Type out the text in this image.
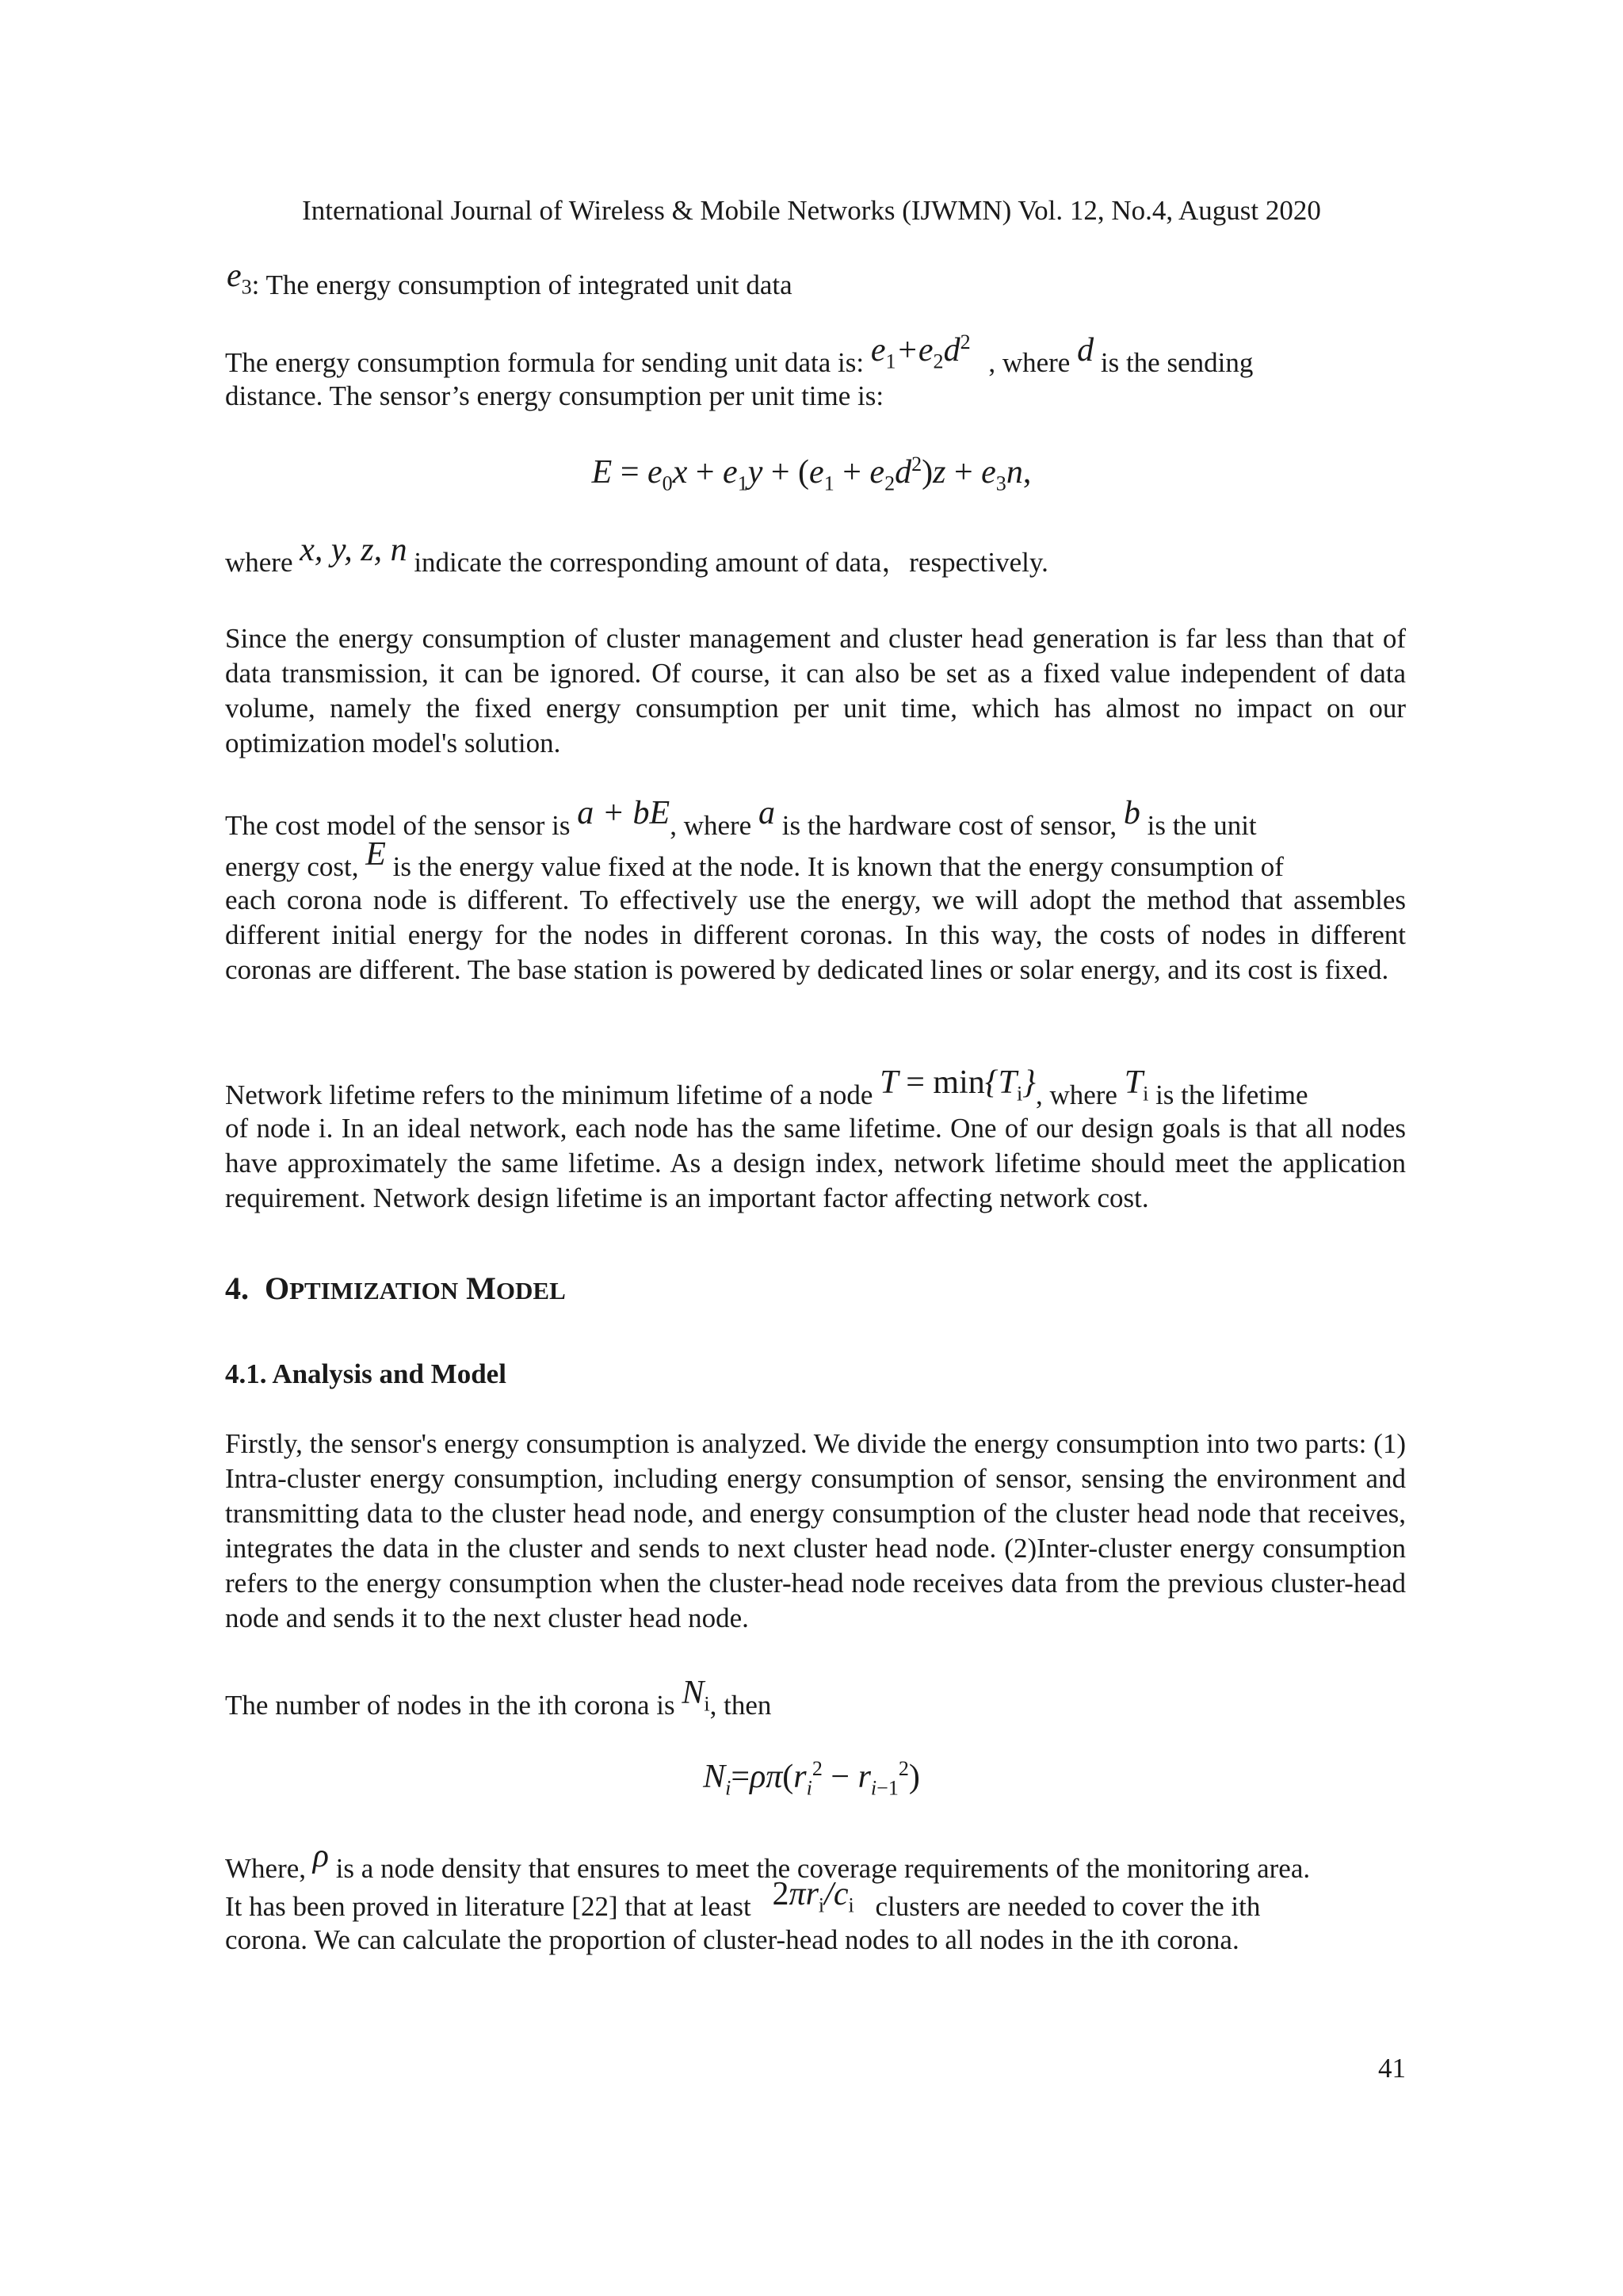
International Journal of Wireless & Mobile Networks (IJWMN) Vol. 12, No.4, August 2020
$e_3$: The energy consumption of integrated unit data
The energy consumption formula for sending unit data is: $e_1+e_2d^2$ , where d is the sending
distance. The sensor’s energy consumption per unit time is:
$E = e_0x + e_1y + (e_1 + e_2d^2)z + e_3n$,
where x, y, z, n indicate the corresponding amount of data，respectively.
Since the energy consumption of cluster management and cluster head generation is far less than that of data transmission, it can be ignored. Of course, it can also be set as a fixed value independent of data volume, namely the fixed energy consumption per unit time, which has almost no impact on our optimization model's solution.
The cost model of the sensor is a + bE, where a is the hardware cost of sensor, b is the unit
energy cost, E is the energy value fixed at the node. It is known that the energy consumption of
each corona node is different. To effectively use the energy, we will adopt the method that assembles different initial energy for the nodes in different coronas. In this way, the costs of nodes in different coronas are different. The base station is powered by dedicated lines or solar energy, and its cost is fixed.
Network lifetime refers to the minimum lifetime of a node $T = \min\{T_i\}$, where $T_i$ is the lifetime
of node i. In an ideal network, each node has the same lifetime. One of our design goals is that all nodes have approximately the same lifetime. As a design index, network lifetime should meet the application requirement. Network design lifetime is an important factor affecting network cost.
4. OPTIMIZATION MODEL
4.1. Analysis and Model
Firstly, the sensor's energy consumption is analyzed. We divide the energy consumption into two parts: (1) Intra-cluster energy consumption, including energy consumption of sensor, sensing the environment and transmitting data to the cluster head node, and energy consumption of the cluster head node that receives, integrates the data in the cluster and sends to next cluster head node. (2)Inter-cluster energy consumption refers to the energy consumption when the cluster-head node receives data from the previous cluster-head node and sends it to the next cluster head node.
The number of nodes in the ith corona is $N_i$, then
$N_i=\rho\pi(r_i^2 - r_{i-1}^2)$
Where, ρ is a node density that ensures to meet the coverage requirements of the monitoring area.
It has been proved in literature [22] that at least $2\pi r_i/c_i$ clusters are needed to cover the ith
corona. We can calculate the proportion of cluster-head nodes to all nodes in the ith corona.
41
